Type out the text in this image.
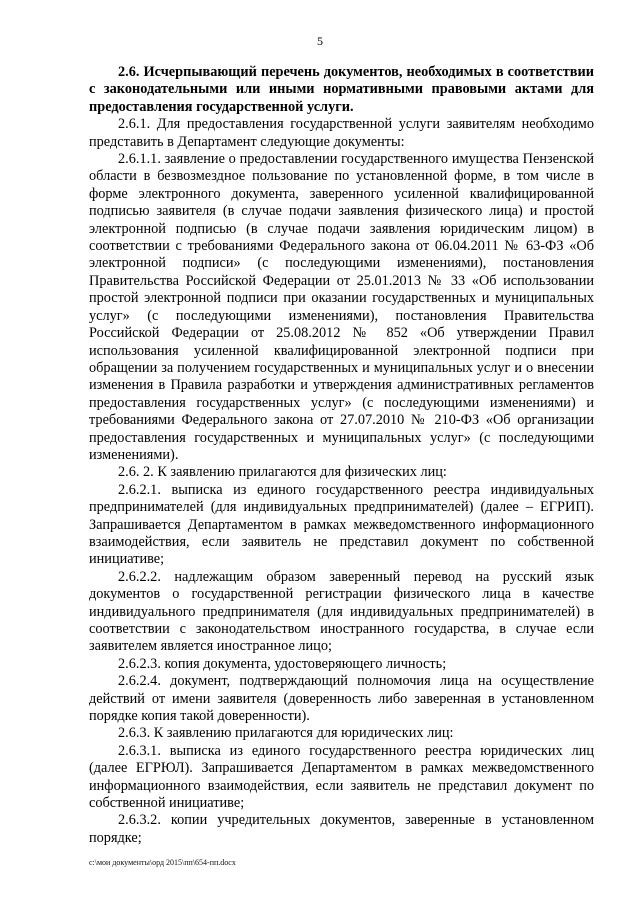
5

2.6. Исчерпывающий перечень документов, необходимых в соответствии с законодательными или иными нормативными правовыми актами для предоставления государственной услуги.

2.6.1. Для предоставления государственной услуги заявителям необходимо представить в Департамент следующие документы:

2.6.1.1. заявление о предоставлении государственного имущества Пензенской области в безвозмездное пользование по установленной форме, в том числе в форме электронного документа, заверенного усиленной квалифицированной подписью заявителя (в случае подачи заявления физического лица) и простой электронной подписью (в случае подачи заявления юридическим лицом) в соответствии с требованиями Федерального закона от 06.04.2011 № 63-ФЗ «Об электронной подписи» (с последующими изменениями), постановления Правительства Российской Федерации от 25.01.2013 № 33 «Об использовании простой электронной подписи при оказании государственных и муниципальных услуг» (с последующими изменениями), постановления Правительства Российской Федерации от 25.08.2012 № 852 «Об утверждении Правил использования усиленной квалифицированной электронной подписи при обращении за получением государственных и муниципальных услуг и о внесении изменения в Правила разработки и утверждения административных регламентов предоставления государственных услуг» (с последующими изменениями) и требованиями Федерального закона от 27.07.2010 № 210-ФЗ «Об организации предоставления государственных и муниципальных услуг» (с последующими изменениями).

2.6. 2. К заявлению прилагаются для физических лиц:

2.6.2.1. выписка из единого государственного реестра индивидуальных предпринимателей (для индивидуальных предпринимателей) (далее – ЕГРИП). Запрашивается Департаментом в рамках межведомственного информационного взаимодействия, если заявитель не представил документ по собственной инициативе;

2.6.2.2. надлежащим образом заверенный перевод на русский язык документов о государственной регистрации физического лица в качестве индивидуального предпринимателя (для индивидуальных предпринимателей) в соответствии с законодательством иностранного государства, в случае если заявителем является иностранное лицо;

2.6.2.3. копия документа, удостоверяющего личность;

2.6.2.4. документ, подтверждающий полномочия лица на осуществление действий от имени заявителя (доверенность либо заверенная в установленном порядке копия такой доверенности).

2.6.3. К заявлению прилагаются для юридических лиц:

2.6.3.1. выписка из единого государственного реестра юридических лиц (далее ЕГРЮЛ). Запрашивается Департаментом в рамках межведомственного информационного взаимодействия, если заявитель не представил документ по собственной инициативе;

2.6.3.2. копии учредительных документов, заверенные в установленном порядке;

c:\мои документы\орд 2015\пп\654-пп.docx
